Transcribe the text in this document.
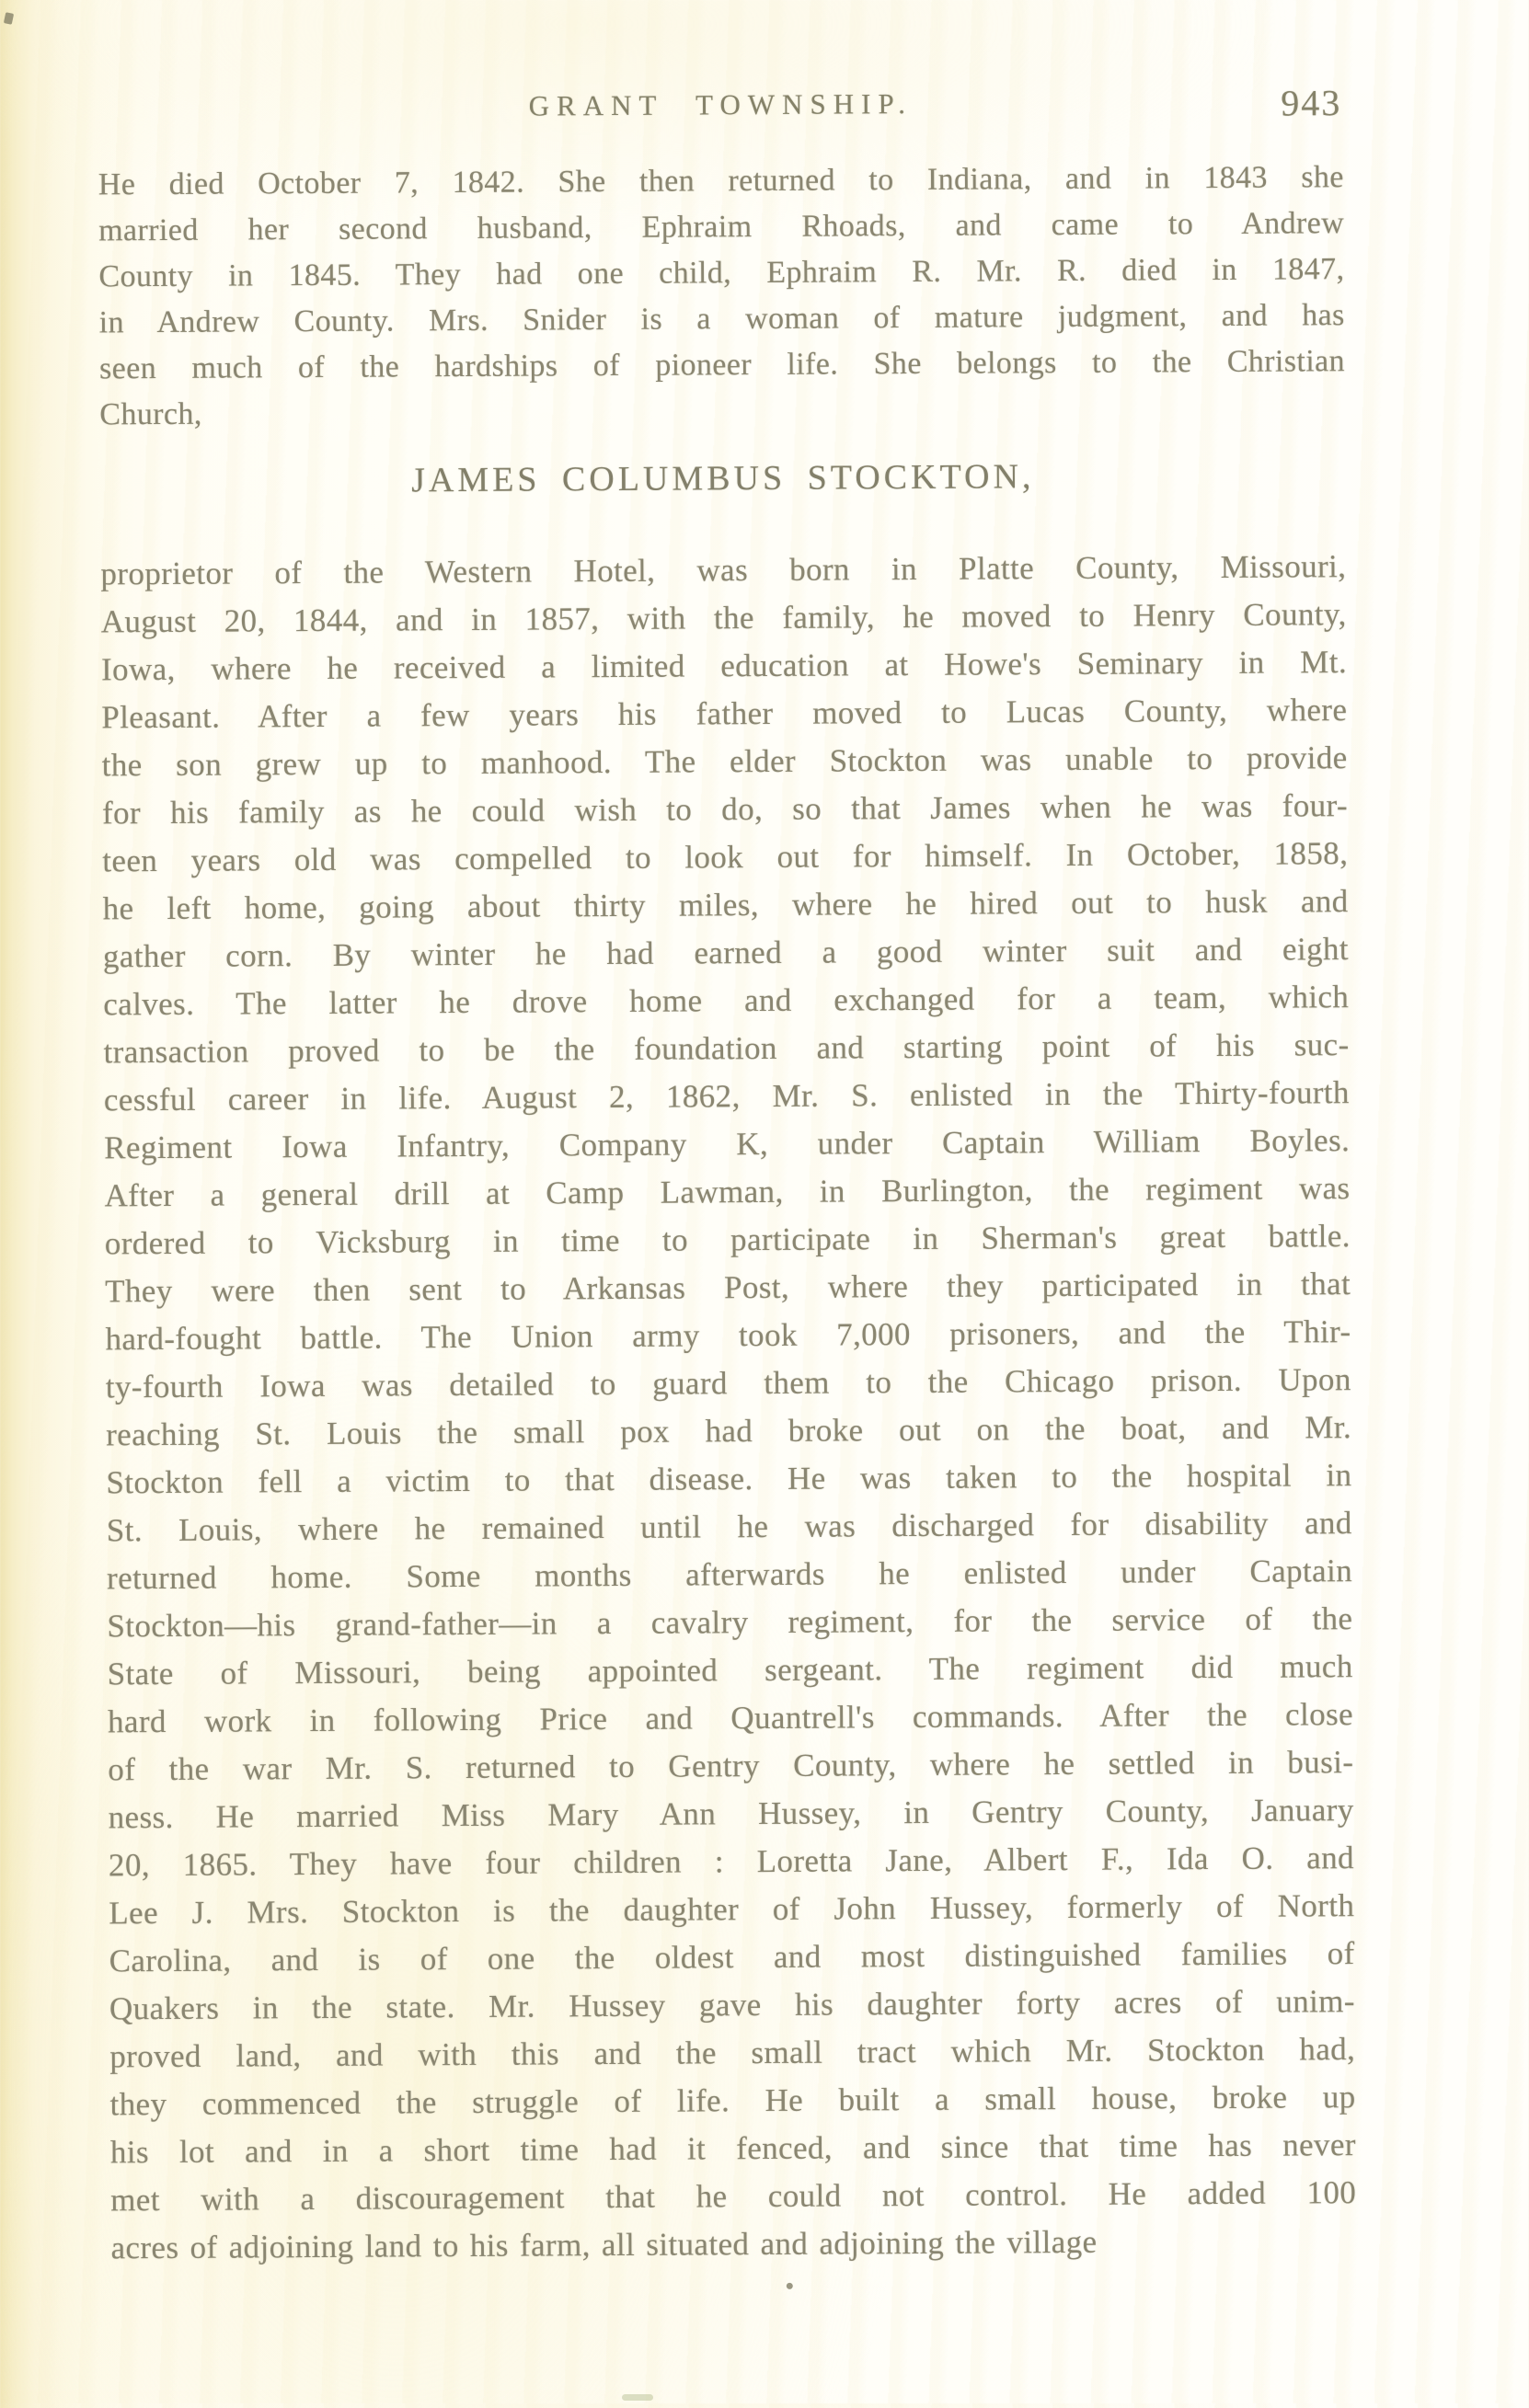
GRANT TOWNSHIP.	943
He died October 7, 1842. She then returned to Indiana, and in 1843 she
married her second husband, Ephraim Rhoads, and came to Andrew
County in 1845. They had one child, Ephraim R. Mr. R. died in 1847,
in Andrew County. Mrs. Snider is a woman of mature judgment, and has
seen much of the hardships of pioneer life. She belongs to the Christian
Church,
JAMES COLUMBUS STOCKTON,
proprietor of the Western Hotel, was born in Platte County, Missouri,
August 20, 1844, and in 1857, with the family, he moved to Henry County,
Iowa, where he received a limited education at Howe's Seminary in Mt.
Pleasant. After a few years his father moved to Lucas County, where
the son grew up to manhood. The elder Stockton was unable to provide
for his family as he could wish to do, so that James when he was four-
teen years old was compelled to look out for himself. In October, 1858,
he left home, going about thirty miles, where he hired out to husk and
gather corn. By winter he had earned a good winter suit and eight
calves. The latter he drove home and exchanged for a team, which
transaction proved to be the foundation and starting point of his suc-
cessful career in life. August 2, 1862, Mr. S. enlisted in the Thirty-fourth
Regiment Iowa Infantry, Company K, under Captain William Boyles.
After a general drill at Camp Lawman, in Burlington, the regiment was
ordered to Vicksburg in time to participate in Sherman's great battle.
They were then sent to Arkansas Post, where they participated in that
hard-fought battle. The Union army took 7,000 prisoners, and the Thir-
ty-fourth Iowa was detailed to guard them to the Chicago prison. Upon
reaching St. Louis the small pox had broke out on the boat, and Mr.
Stockton fell a victim to that disease. He was taken to the hospital in
St. Louis, where he remained until he was discharged for disability and
returned home. Some months afterwards he enlisted under Captain
Stockton—his grand-father—in a cavalry regiment, for the service of the
State of Missouri, being appointed sergeant. The regiment did much
hard work in following Price and Quantrell's commands. After the close
of the war Mr. S. returned to Gentry County, where he settled in busi-
ness. He married Miss Mary Ann Hussey, in Gentry County, January
20, 1865. They have four children : Loretta Jane, Albert F., Ida O. and
Lee J. Mrs. Stockton is the daughter of John Hussey, formerly of North
Carolina, and is of one the oldest and most distinguished families of
Quakers in the state. Mr. Hussey gave his daughter forty acres of unim-
proved land, and with this and the small tract which Mr. Stockton had,
they commenced the struggle of life. He built a small house, broke up
his lot and in a short time had it fenced, and since that time has never
met with a discouragement that he could not control. He added 100
acres of adjoining land to his farm, all situated and adjoining the village
